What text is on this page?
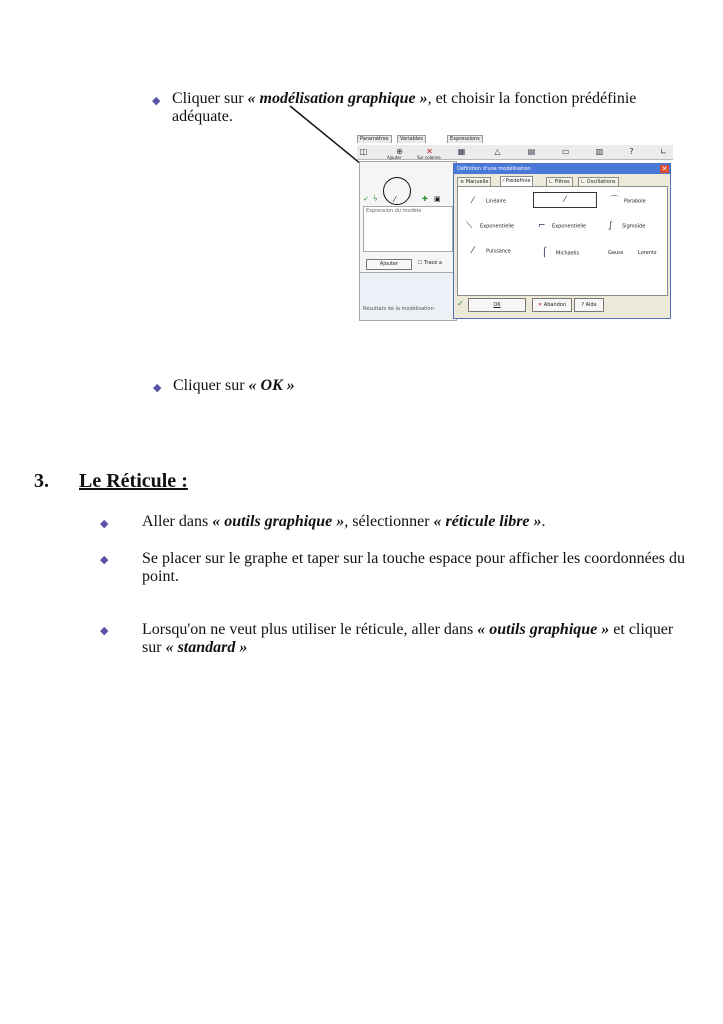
◆ Cliquer sur « modélisation graphique », et choisir la fonction prédéfinie
adéquate.
Paramètres	Variables	Expressions
◫	⊕	✕	▦	△	▤	▭	▥	?	∟
Ajouter	Sur colonne
✓ ϟ ⁄	✚ ▣
Expression du modèle
Ajouter	☐ Tracé a
Résultats de la modélisation
Définition d'une modélisation	✕
≋ Manuelle	⁄ Prédéfinie	∟ Filtres	∟ Oscillations
⁄ Linéaire	⁄	⌒ Parabole
⟍ Exponentielle	⌐ Exponentielle ∫ Sigmoïde
⁄ Puissance	⌠ Michaelis	Gauss	Lorentz
✓	OK	✕ Abandon	? Aide
◆ Cliquer sur « OK »
3. Le Réticule :
◆ Aller dans « outils graphique », sélectionner « réticule libre ».
◆ Se placer sur le graphe et taper sur la touche espace pour afficher les coordonnées du
point.
◆ Lorsqu'on ne veut plus utiliser le réticule, aller dans « outils graphique » et cliquer
sur « standard »
